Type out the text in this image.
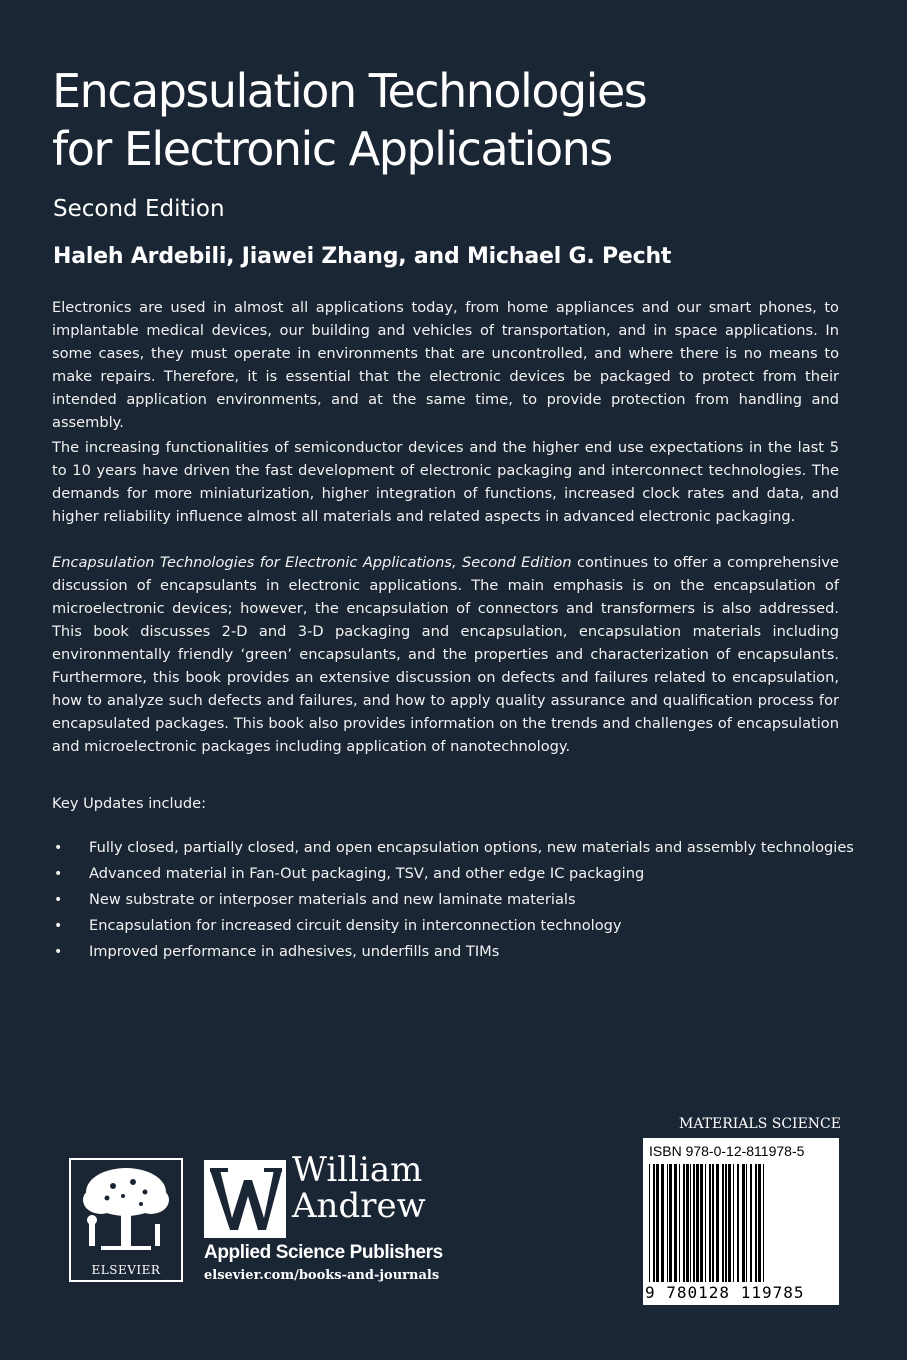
Encapsulation Technologies
for Electronic Applications
Second Edition
Haleh Ardebili, Jiawei Zhang, and Michael G. Pecht

Electronics are used in almost all applications today, from home appliances and our smart phones, to implantable medical devices, our building and vehicles of transportation, and in space applications. In some cases, they must operate in environments that are uncontrolled, and where there is no means to make repairs. Therefore, it is essential that the electronic devices be packaged to protect from their intended application environments, and at the same time, to provide protection from handling and assembly.

The increasing functionalities of semiconductor devices and the higher end use expectations in the last 5 to 10 years have driven the fast development of electronic packaging and interconnect technologies. The demands for more miniaturization, higher integration of functions, increased clock rates and data, and higher reliability influence almost all materials and related aspects in advanced electronic packaging.

Encapsulation Technologies for Electronic Applications, Second Edition continues to offer a comprehensive discussion of encapsulants in electronic applications. The main emphasis is on the encapsulation of microelectronic devices; however, the encapsulation of connectors and transformers is also addressed. This book discusses 2-D and 3-D packaging and encapsulation, encapsulation materials including environmentally friendly ‘green’ encapsulants, and the properties and characterization of encapsulants. Furthermore, this book provides an extensive discussion on defects and failures related to encapsulation, how to analyze such defects and failures, and how to apply quality assurance and qualification process for encapsulated packages. This book also provides information on the trends and challenges of encapsulation and microelectronic packages including application of nanotechnology.

Key Updates include:
• Fully closed, partially closed, and open encapsulation options, new materials and assembly technologies
• Advanced material in Fan-Out packaging, TSV, and other edge IC packaging
• New substrate or interposer materials and new laminate materials
• Encapsulation for increased circuit density in interconnection technology
• Improved performance in adhesives, underfills and TIMs
ELSEVIER
William
Andrew
Applied Science Publishers
elsevier.com/books-and-journals
MATERIALS SCIENCE
ISBN 978-0-12-811978-5
9 780128 119785
